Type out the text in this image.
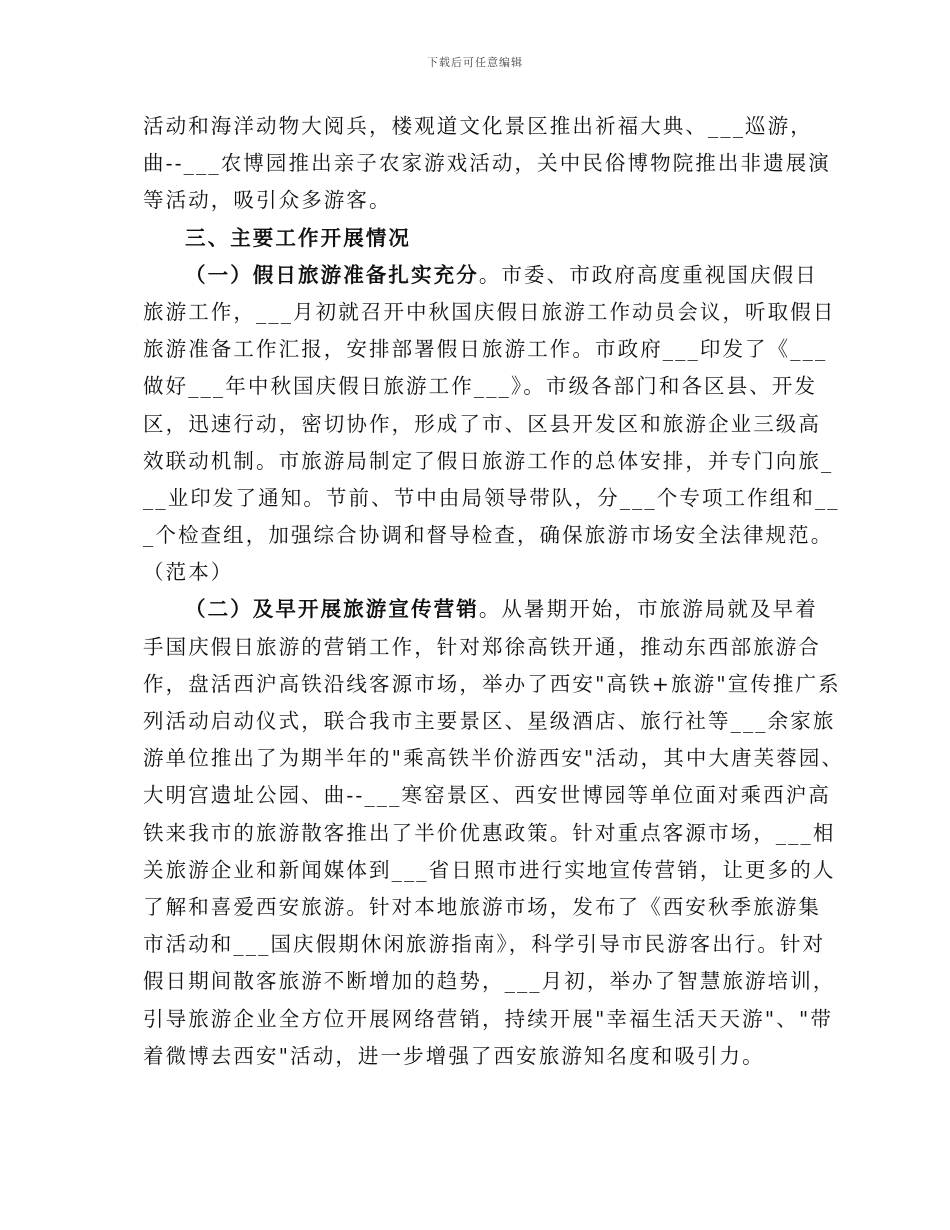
下载后可任意编辑
活动和海洋动物大阅兵，楼观道文化景区推出祈福大典、___巡游，
曲--___农博园推出亲子农家游戏活动，关中民俗博物院推出非遗展演
等活动，吸引众多游客。
三、主要工作开展情况
（一）假日旅游准备扎实充分。市委、市政府高度重视国庆假日
旅游工作，___月初就召开中秋国庆假日旅游工作动员会议，听取假日
旅游准备工作汇报，安排部署假日旅游工作。市政府___印发了《___
做好___年中秋国庆假日旅游工作___》。市级各部门和各区县、开发
区，迅速行动，密切协作，形成了市、区县开发区和旅游企业三级高
效联动机制。市旅游局制定了假日旅游工作的总体安排，并专门向旅_
__业印发了通知。节前、节中由局领导带队，分___个专项工作组和__
_个检查组，加强综合协调和督导检查，确保旅游市场安全法律规范。
（范本）
（二）及早开展旅游宣传营销。从暑期开始，市旅游局就及早着
手国庆假日旅游的营销工作，针对郑徐高铁开通，推动东西部旅游合
作，盘活西沪高铁沿线客源市场，举办了西安"高铁+旅游"宣传推广系
列活动启动仪式，联合我市主要景区、星级酒店、旅行社等___余家旅
游单位推出了为期半年的"乘高铁半价游西安"活动，其中大唐芙蓉园、
大明宫遗址公园、曲--___寒窑景区、西安世博园等单位面对乘西沪高
铁来我市的旅游散客推出了半价优惠政策。针对重点客源市场，___相
关旅游企业和新闻媒体到___省日照市进行实地宣传营销，让更多的人
了解和喜爱西安旅游。针对本地旅游市场，发布了《西安秋季旅游集
市活动和___国庆假期休闲旅游指南》，科学引导市民游客出行。针对
假日期间散客旅游不断增加的趋势，___月初，举办了智慧旅游培训，
引导旅游企业全方位开展网络营销，持续开展"幸福生活天天游"、"带
着微博去西安"活动，进一步增强了西安旅游知名度和吸引力。
